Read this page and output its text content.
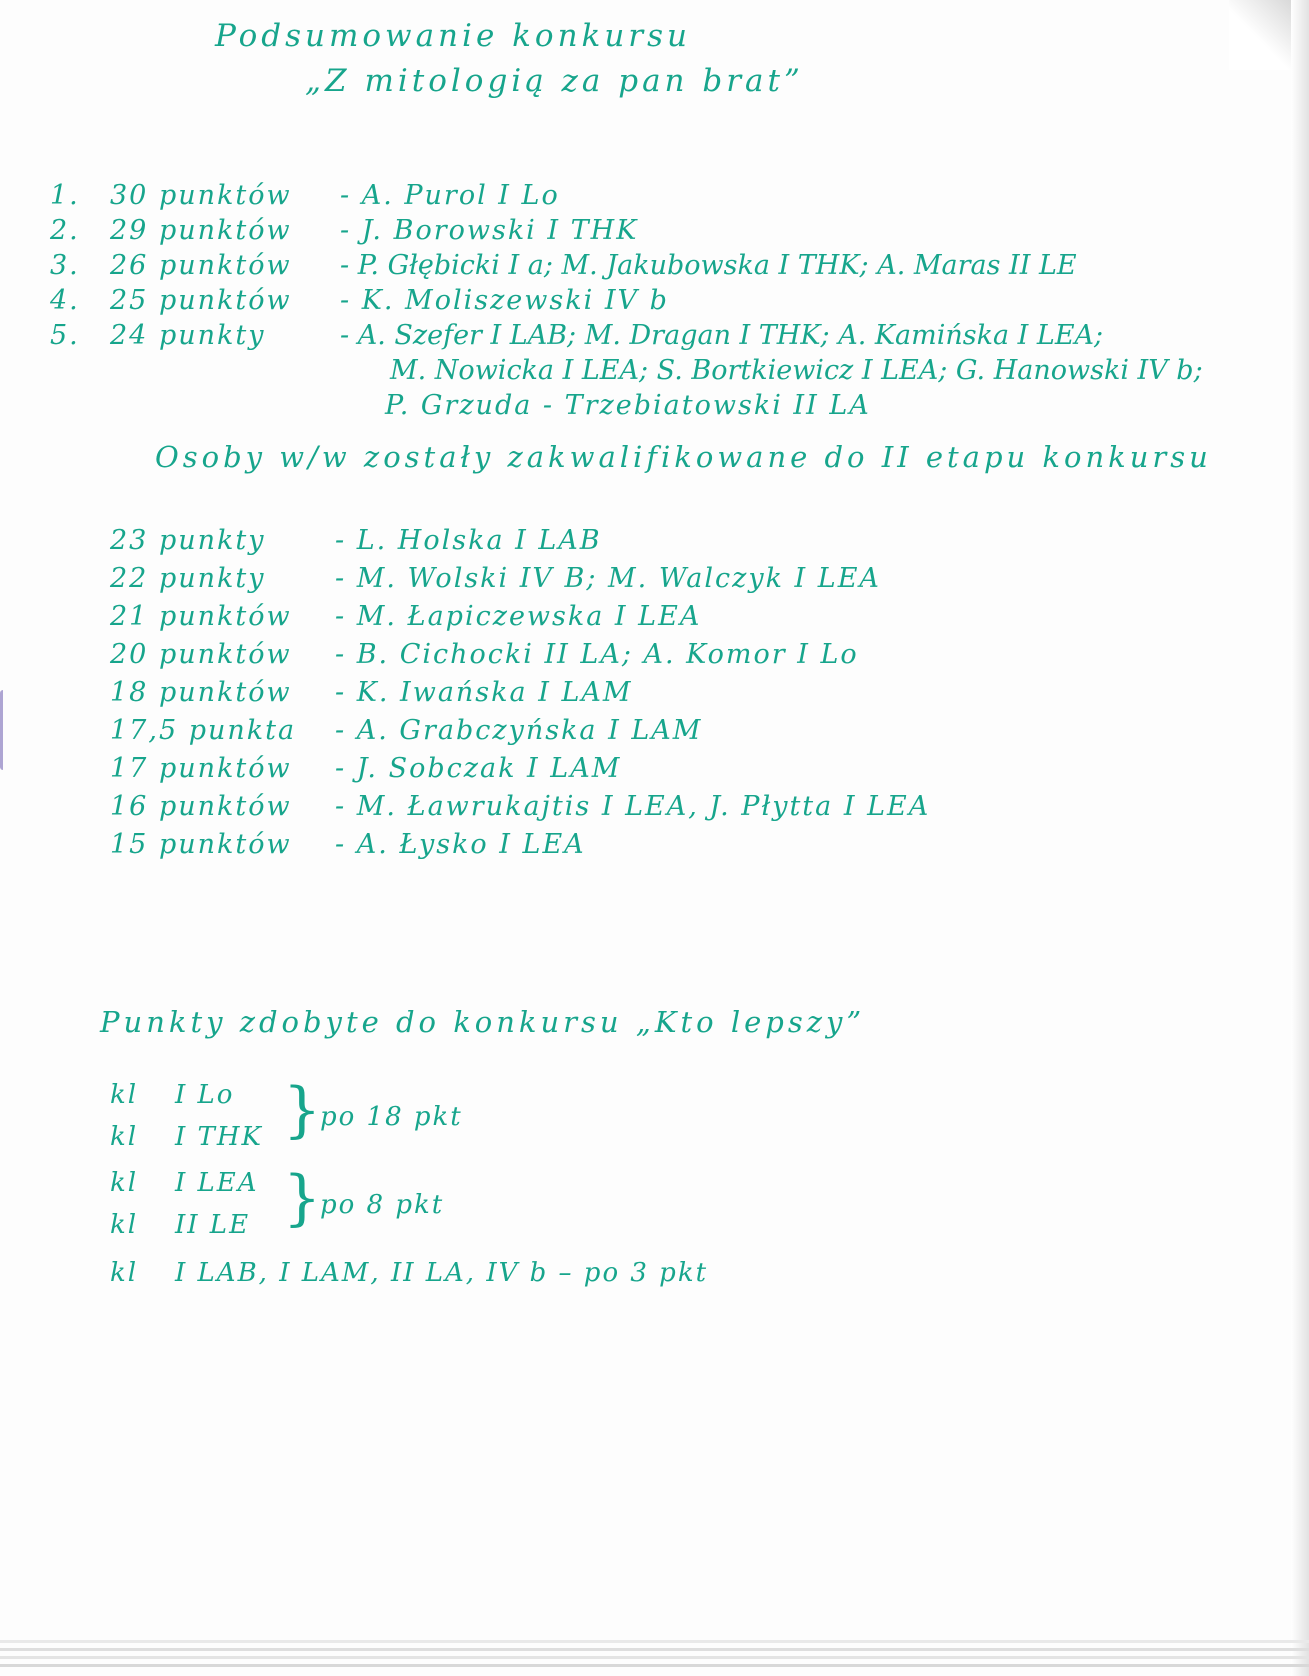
Podsumowanie konkursu
„Z mitologią za pan brat”
1. 30 punktów - A. Purol I Lo
2. 29 punktów - J. Borowski I THK
3. 26 punktów - P. Głębicki I a; M. Jakubowska I THK; A. Maras II LE
4. 25 punktów - K. Moliszewski IV b
5. 24 punkty	- A. Szefer I LAB; M. Dragan I THK; A. Kamińska I LEA;
M. Nowicka I LEA; S. Bortkiewicz I LEA; G. Hanowski IV b;
P. Grzuda - Trzebiatowski II LA
Osoby w/w zostały zakwalifikowane do II etapu konkursu
23 punkty	- L. Holska I LAB
22 punkty	- M. Wolski IV B; M. Walczyk I LEA
21 punktów - M. Łapiczewska I LEA
20 punktów - B. Cichocki II LA; A. Komor I Lo
18 punktów - K. Iwańska I LAM
17,5 punkta - A. Grabczyńska I LAM
17 punktów - J. Sobczak I LAM
16 punktów - M. Ławrukajtis I LEA, J. Płytta I LEA
15 punktów - A. Łysko I LEA
Punkty zdobyte do konkursu „Kto lepszy”
kl I Lo
kl I THK }
po 18 pkt
kl I LEA
kl II LE }
po 8 pkt
kl I LAB, I LAM, II LA, IV b – po 3 pkt
